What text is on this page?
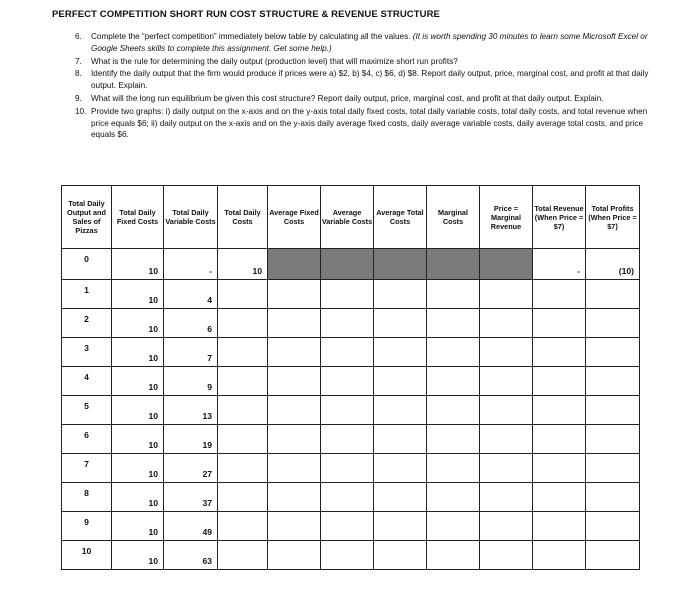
PERFECT COMPETITION SHORT RUN COST STRUCTURE & REVENUE STRUCTURE
6. Complete the “perfect competition” immediately below table by calculating all the values. (It is worth spending 30 minutes to learn some Microsoft Excel or Google Sheets skills to complete this assignment. Get some help.)
7. What is the rule for determining the daily output (production level) that will maximize short run profits?
8. Identify the daily output that the firm would produce if prices were a) $2, b) $4, c) $6, d) $8. Report daily output, price, marginal cost, and profit at that daily output. Explain.
9. What will the long run equilibrium be given this cost structure? Report daily output, price, marginal cost, and profit at that daily output. Explain.
10. Provide two graphs: i) daily output on the x-axis and on the y-axis total daily fixed costs, total daily variable costs, total daily costs, and total revenue when price equals $6; ii) daily output on the x-axis and on the y-axis daily average fixed costs, daily average variable costs, daily average total costs, and price equals $6.
Total Daily Output and Sales of Pizzas	Total Daily Fixed Costs	Total Daily Variable Costs	Total Daily Costs	Average Fixed Costs	Average Variable Costs	Average Total Costs	Marginal Costs	Price = Marginal Revenue	Total Revenue (When Price = $7)	Total Profits (When Price = $7)

0	10	-	10						-	(10)

1	10	4								

2	10	6								

3	10	7								

4	10	9								

5	10	13								

6	10	19								

7	10	27								

8	10	37								

9	10	49								

10	10	63								
